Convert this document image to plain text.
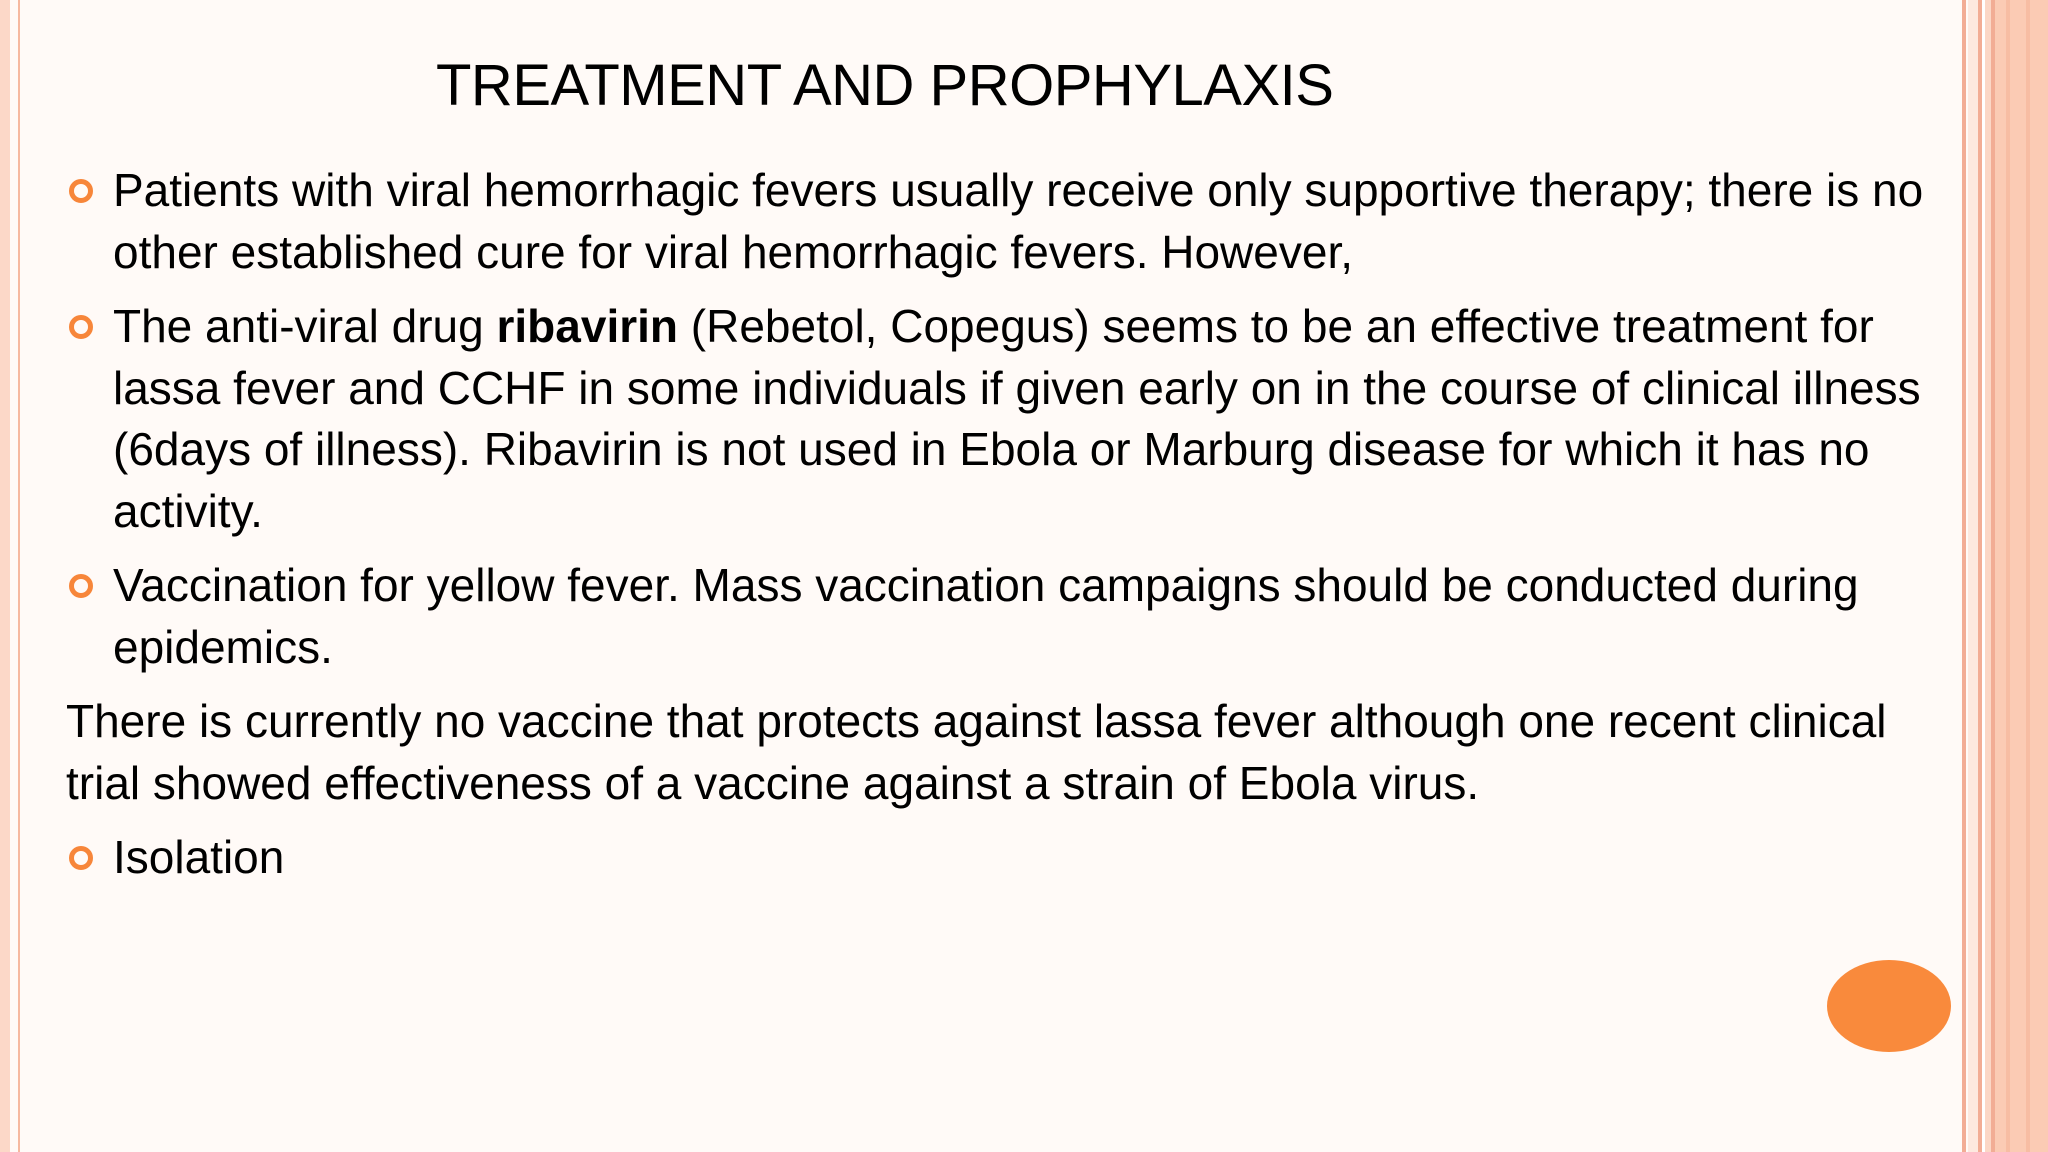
TREATMENT AND PROPHYLAXIS
Patients with viral hemorrhagic fevers usually receive only supportive therapy; there is no other established cure for viral hemorrhagic fevers. However,
The anti-viral drug ribavirin (Rebetol, Copegus) seems to be an effective treatment for lassa fever and CCHF in some individuals if given early on in the course of clinical illness (6days of illness). Ribavirin is not used in Ebola or Marburg disease for which it has no activity.
Vaccination for yellow fever. Mass vaccination campaigns should be conducted during epidemics.
There is currently no vaccine that protects against lassa fever although one recent clinical trial showed effectiveness of a vaccine against a strain of Ebola virus.
Isolation
